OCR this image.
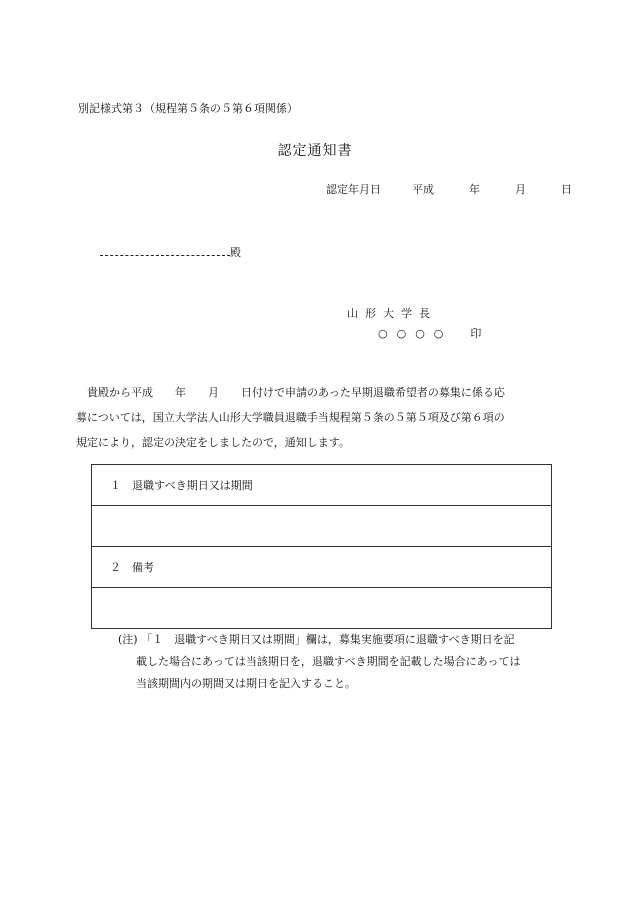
別記様式第３（規程第５条の５第６項関係）
認定通知書
認定年月日	平成	年	月	日
殿
山形大学長
○○○○ 印
　貴殿から平成　　年　　月　　日付けで申請のあった早期退職希望者の募集に係る応
募については，国立大学法人山形大学職員退職手当規程第５条の５第５項及び第６項の
規定により，認定の決定をしましたので，通知します。
１　退職すべき期日又は期間

２　備考

(注) 「１　退職すべき期日又は期間」欄は，募集実施要項に退職すべき期日を記
載した場合にあっては当該期日を，退職すべき期間を記載した場合にあっては
当該期間内の期間又は期日を記入すること。
